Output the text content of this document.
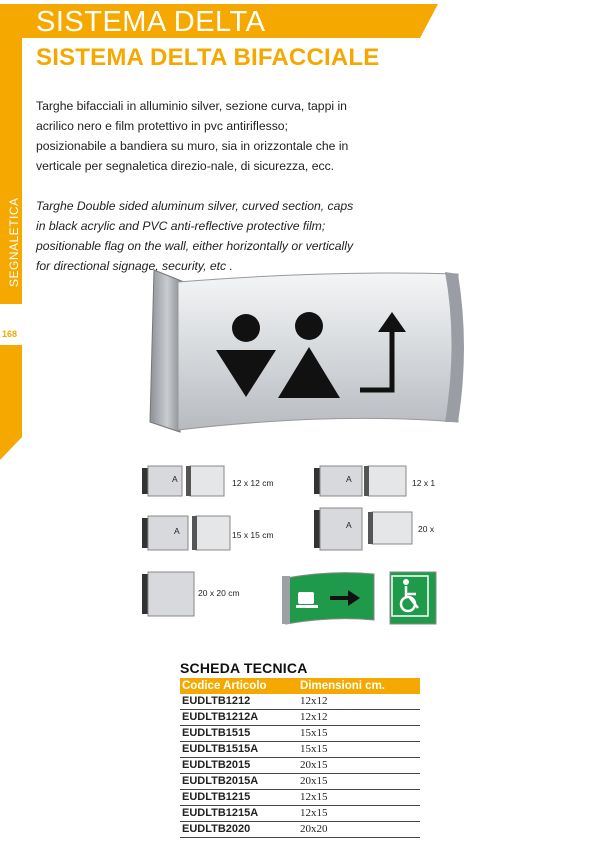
SISTEMA DELTA
SISTEMA DELTA BIFACCIALE
SEGNALETICA
168
Targhe bifacciali in alluminio silver, sezione curva, tappi in acrilico nero e film protettivo in pvc antiriflesso; posizionabile a bandiera su muro, sia in orizzontale che in verticale per segnaletica direzio-nale, di sicurezza, ecc.
Targhe Double sided aluminum silver, curved section, caps in black acrylic and PVC anti-reflective protective film; positionable flag on the wall, either horizontally or vertically for directional signage, security, etc .
A	12 x 12 cm
A	15 x 15 cm
20 x 20 cm
A	12 x 1
A	20 x
SCHEDA TECNICA
Codice Articolo	Dimensioni cm.
EUDLTB1212	12x12
EUDLTB1212A	12x12
EUDLTB1515	15x15
EUDLTB1515A	15x15
EUDLTB2015	20x15
EUDLTB2015A	20x15
EUDLTB1215	12x15
EUDLTB1215A	12x15
EUDLTB2020	20x20
